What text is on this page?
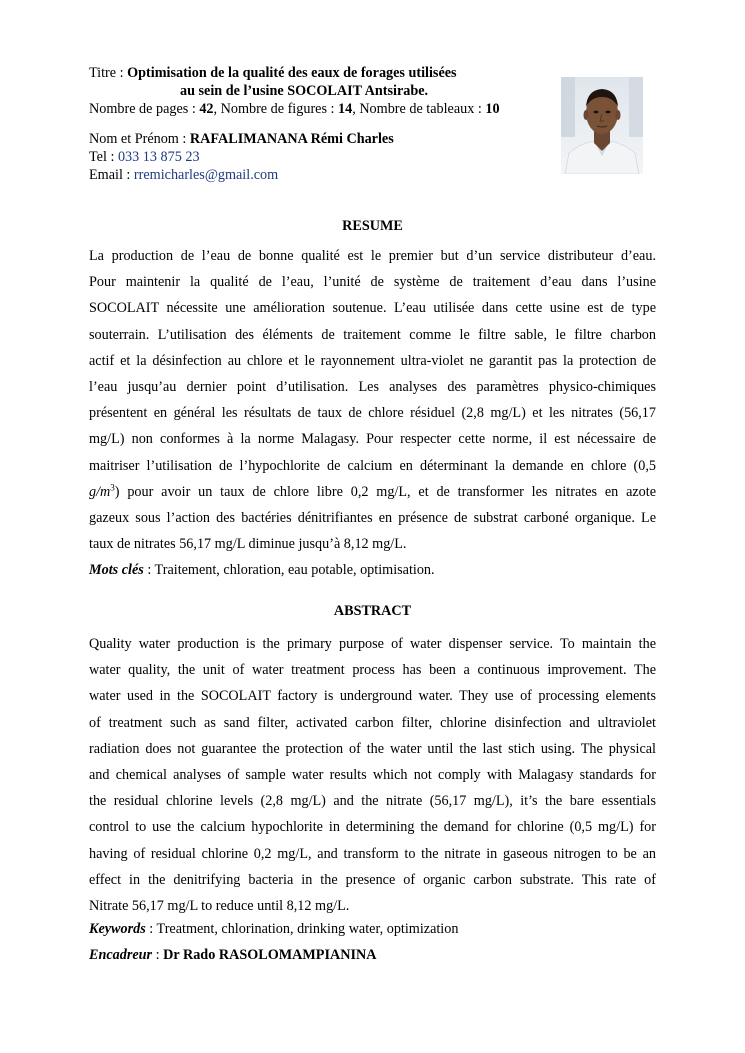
Titre : Optimisation de la qualité des eaux de forages utilisées
au sein de l’usine SOCOLAIT Antsirabe.
Nombre de pages : 42, Nombre de figures : 14, Nombre de tableaux : 10
Nom et Prénom : RAFALIMANANA Rémi Charles
Tel : 033 13 875 23
Email : rremicharles@gmail.com
RESUME
La production de l’eau de bonne qualité est le premier but d’un service distributeur d’eau.
Pour maintenir la qualité de l’eau, l’unité de système de traitement d’eau dans l’usine
SOCOLAIT nécessite une amélioration soutenue. L’eau utilisée dans cette usine est de type
souterrain. L’utilisation des éléments de traitement comme le filtre sable, le filtre charbon
actif et la désinfection au chlore et le rayonnement ultra-violet ne garantit pas la protection de
l’eau jusqu’au dernier point d’utilisation. Les analyses des paramètres physico-chimiques
présentent en général les résultats de taux de chlore résiduel (2,8 mg/L) et les nitrates (56,17
mg/L) non conformes à la norme Malagasy. Pour respecter cette norme, il est nécessaire de
maitriser l’utilisation de l’hypochlorite de calcium en déterminant la demande en chlore (0,5
$g/m^3$) pour avoir un taux de chlore libre 0,2 mg/L, et de transformer les nitrates en azote
gazeux sous l’action des bactéries dénitrifiantes en présence de substrat carboné organique. Le
taux de nitrates 56,17 mg/L diminue jusqu’à 8,12 mg/L.
Mots clés : Traitement, chloration, eau potable, optimisation.
ABSTRACT
Quality water production is the primary purpose of water dispenser service. To maintain the
water quality, the unit of water treatment process has been a continuous improvement. The
water used in the SOCOLAIT factory is underground water. They use of processing elements
of treatment such as sand filter, activated carbon filter, chlorine disinfection and ultraviolet
radiation does not guarantee the protection of the water until the last stich using. The physical
and chemical analyses of sample water results which not comply with Malagasy standards for
the residual chlorine levels (2,8 mg/L) and the nitrate (56,17 mg/L), it’s the bare essentials
control to use the calcium hypochlorite in determining the demand for chlorine (0,5 mg/L) for
having of residual chlorine 0,2 mg/L, and transform to the nitrate in gaseous nitrogen to be an
effect in the denitrifying bacteria in the presence of organic carbon substrate. This rate of
Nitrate 56,17 mg/L to reduce until 8,12 mg/L.
Keywords : Treatment, chlorination, drinking water, optimization
Encadreur : Dr Rado RASOLOMAMPIANINA
